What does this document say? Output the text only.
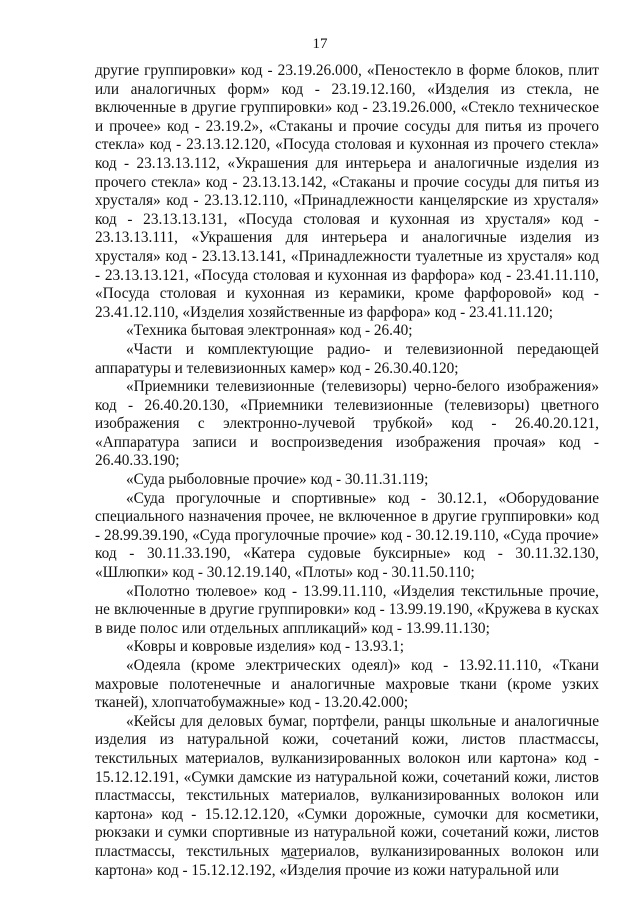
17

другие группировки» код - 23.19.26.000, «Пеностекло в форме блоков, плит или аналогичных форм» код - 23.19.12.160, «Изделия из стекла, не включенные в другие группировки» код - 23.19.26.000, «Стекло техническое и прочее» код - 23.19.2», «Стаканы и прочие сосуды для питья из прочего стекла» код - 23.13.12.120, «Посуда столовая и кухонная из прочего стекла» код - 23.13.13.112, «Украшения для интерьера и аналогичные изделия из прочего стекла» код - 23.13.13.142, «Стаканы и прочие сосуды для питья из хрусталя» код - 23.13.12.110, «Принадлежности канцелярские из хрусталя» код - 23.13.13.131, «Посуда столовая и кухонная из хрусталя» код - 23.13.13.111, «Украшения для интерьера и аналогичные изделия из хрусталя» код - 23.13.13.141, «Принадлежности туалетные из хрусталя» код - 23.13.13.121, «Посуда столовая и кухонная из фарфора» код - 23.41.11.110, «Посуда столовая и кухонная из керамики, кроме фарфоровой» код - 23.41.12.110, «Изделия хозяйственные из фарфора» код - 23.41.11.120;

«Техника бытовая электронная» код - 26.40;

«Части и комплектующие радио- и телевизионной передающей аппаратуры и телевизионных камер» код - 26.30.40.120;

«Приемники телевизионные (телевизоры) черно-белого изображения» код - 26.40.20.130, «Приемники телевизионные (телевизоры) цветного изображения с электронно-лучевой трубкой» код - 26.40.20.121, «Аппаратура записи и воспроизведения изображения прочая» код - 26.40.33.190;

«Суда рыболовные прочие» код - 30.11.31.119;

«Суда прогулочные и спортивные» код - 30.12.1, «Оборудование специального назначения прочее, не включенное в другие группировки» код - 28.99.39.190, «Суда прогулочные прочие» код - 30.12.19.110, «Суда прочие» код - 30.11.33.190, «Катера судовые буксирные» код - 30.11.32.130, «Шлюпки» код - 30.12.19.140, «Плоты» код - 30.11.50.110;

«Полотно тюлевое» код - 13.99.11.110, «Изделия текстильные прочие, не включенные в другие группировки» код - 13.99.19.190, «Кружева в кусках в виде полос или отдельных аппликаций» код - 13.99.11.130;

«Ковры и ковровые изделия» код - 13.93.1;

«Одеяла (кроме электрических одеял)» код - 13.92.11.110, «Ткани махровые полотенечные и аналогичные махровые ткани (кроме узких тканей), хлопчатобумажные» код - 13.20.42.000;

«Кейсы для деловых бумаг, портфели, ранцы школьные и аналогичные изделия из натуральной кожи, сочетаний кожи, листов пластмассы, текстильных материалов, вулканизированных волокон или картона» код - 15.12.12.191, «Сумки дамские из натуральной кожи, сочетаний кожи, листов пластмассы, текстильных материалов, вулканизированных волокон или картона» код - 15.12.12.120, «Сумки дорожные, сумочки для косметики, рюкзаки и сумки спортивные из натуральной кожи, сочетаний кожи, листов пластмассы, текстильных материалов, вулканизированных волокон или картона» код - 15.12.12.192, «Изделия прочие из кожи натуральной или
